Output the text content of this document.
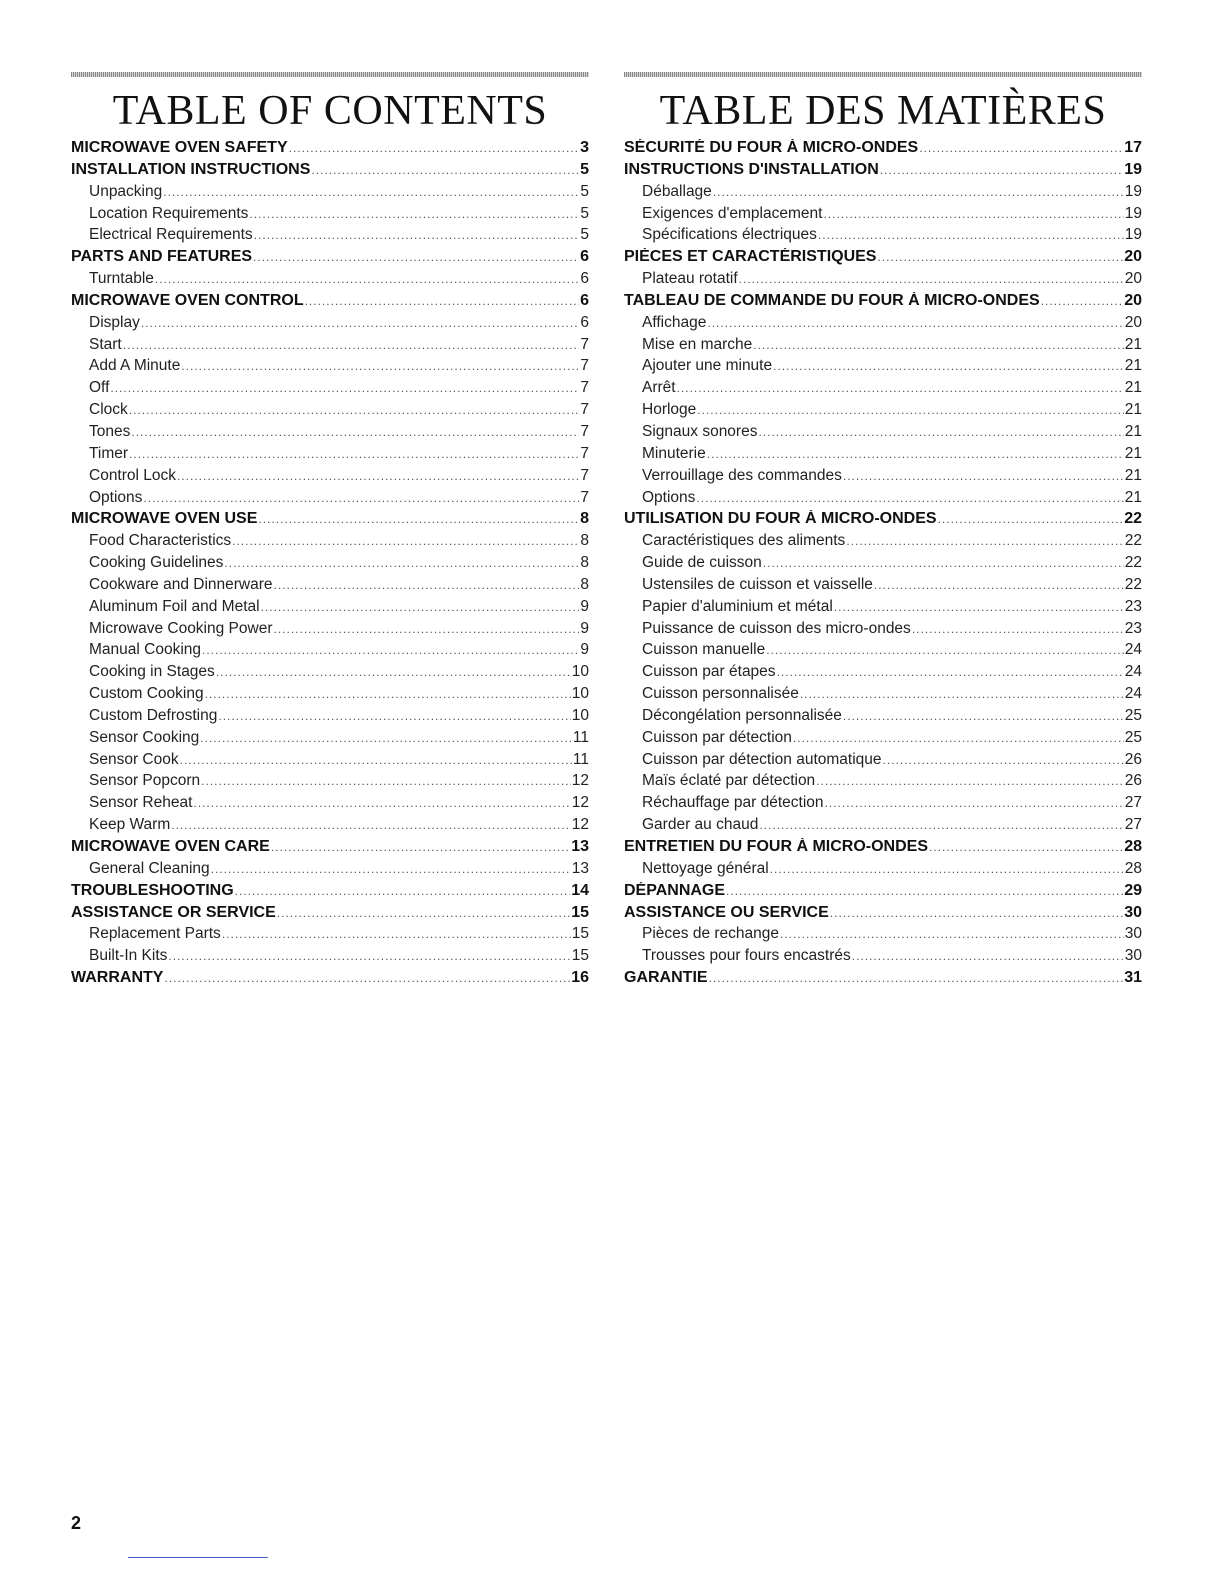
TABLE OF CONTENTS
MICROWAVE OVEN SAFETY .....	3
INSTALLATION INSTRUCTIONS .....	5
Unpacking .....	5
Location Requirements .....	5
Electrical Requirements .....	5
PARTS AND FEATURES .....	6
Turntable .....	6
MICROWAVE OVEN CONTROL .....	6
Display .....	6
Start .....	7
Add A Minute .....	7
Off .....	7
Clock .....	7
Tones .....	7
Timer .....	7
Control Lock .....	7
Options .....	7
MICROWAVE OVEN USE .....	8
Food Characteristics .....	8
Cooking Guidelines .....	8
Cookware and Dinnerware .....	8
Aluminum Foil and Metal .....	9
Microwave Cooking Power .....	9
Manual Cooking .....	9
Cooking in Stages .....	10
Custom Cooking .....	10
Custom Defrosting .....	10
Sensor Cooking .....	11
Sensor Cook .....	11
Sensor Popcorn .....	12
Sensor Reheat .....	12
Keep Warm .....	12
MICROWAVE OVEN CARE .....	13
General Cleaning .....	13
TROUBLESHOOTING .....	14
ASSISTANCE OR SERVICE .....	15
Replacement Parts .....	15
Built-In Kits .....	15
WARRANTY .....	16
TABLE DES MATIÈRES
SÉCURITÉ DU FOUR À MICRO-ONDES .....	17
INSTRUCTIONS D'INSTALLATION .....	19
Déballage .....	19
Exigences d'emplacement .....	19
Spécifications électriques .....	19
PIÈCES ET CARACTÉRISTIQUES .....	20
Plateau rotatif .....	20
TABLEAU DE COMMANDE DU FOUR À MICRO-ONDES .....	20
Affichage .....	20
Mise en marche .....	21
Ajouter une minute .....	21
Arrêt .....	21
Horloge .....	21
Signaux sonores .....	21
Minuterie .....	21
Verrouillage des commandes .....	21
Options .....	21
UTILISATION DU FOUR À MICRO-ONDES .....	22
Caractéristiques des aliments .....	22
Guide de cuisson .....	22
Ustensiles de cuisson et vaisselle .....	22
Papier d'aluminium et métal .....	23
Puissance de cuisson des micro-ondes .....	23
Cuisson manuelle .....	24
Cuisson par étapes .....	24
Cuisson personnalisée .....	24
Décongélation personnalisée .....	25
Cuisson par détection .....	25
Cuisson par détection automatique .....	26
Maïs éclaté par détection .....	26
Réchauffage par détection .....	27
Garder au chaud .....	27
ENTRETIEN DU FOUR À MICRO-ONDES .....	28
Nettoyage général .....	28
DÉPANNAGE .....	29
ASSISTANCE OU SERVICE .....	30
Pièces de rechange .....	30
Trousses pour fours encastrés .....	30
GARANTIE .....	31
2
